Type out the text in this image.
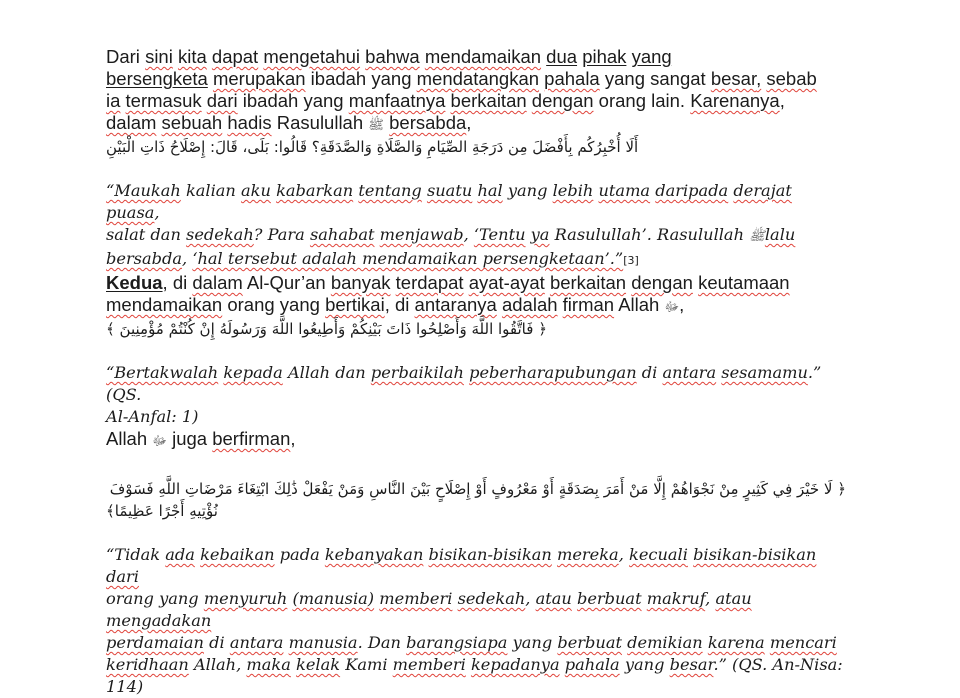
Dari sini kita dapat mengetahui bahwa mendamaikan dua pihak yang
bersengketa merupakan ibadah yang mendatangkan pahala yang sangat besar, sebab
ia termasuk dari ibadah yang manfaatnya berkaitan dengan orang lain. Karenanya,
dalam sebuah hadis Rasulullah ﷺ bersabda,
أَلَا أُخْبِرُكُم بِأَفْضَلَ مِن دَرَجَةِ الصِّيَامِ وَالصَّلَاةِ وَالصَّدَقَةِ؟ قَالُوا: بَلَى، قَالَ: إِصْلَاحُ ذَاتِ الْبَيْنِ
“Maukah kalian aku kabarkan tentang suatu hal yang lebih utama daripada derajat puasa,
salat dan sedekah? Para sahabat menjawab, ‘Tentu ya Rasulullah’. Rasulullah ﷺlalu
bersabda, ‘hal tersebut adalah mendamaikan persengketaan’.”[3]
Kedua, di dalam Al-Qur’an banyak terdapat ayat-ayat berkaitan dengan keutamaan
mendamaikan orang yang bertikai, di antaranya adalah firman Allah ﷻ,
﴿ فَاتَّقُوا اللَّهَ وَأَصْلِحُوا ذَاتَ بَيْنِكُمْ وَأَطِيعُوا اللَّهَ وَرَسُولَهُ إِنْ كُنْتُمْ مُؤْمِنِينَ ﴾
“Bertakwalah kepada Allah dan perbaikilah peberharapubungan di antara sesamamu.” (QS.
Al-Anfal: 1)
Allah ﷻ juga berfirman,
﴿ لَا خَيْرَ فِي كَثِيرٍ مِنْ نَجْوَاهُمْ إِلَّا مَنْ أَمَرَ بِصَدَقَةٍ أَوْ مَعْرُوفٍ أَوْ إِصْلَاحٍ بَيْنَ النَّاسِ وَمَنْ يَفْعَلْ ذَٰلِكَ ابْتِغَاءَ مَرْضَاتِ اللَّهِ فَسَوْفَ
نُؤْتِيهِ أَجْرًا عَظِيمًا﴾
“Tidak ada kebaikan pada kebanyakan bisikan-bisikan mereka, kecuali bisikan-bisikan dari
orang yang menyuruh (manusia) memberi sedekah, atau berbuat makruf, atau mengadakan
perdamaian di antara manusia. Dan barangsiapa yang berbuat demikian karena mencari
keridhaan Allah, maka kelak Kami memberi kepadanya pahala yang besar.” (QS. An-Nisa:
114)
